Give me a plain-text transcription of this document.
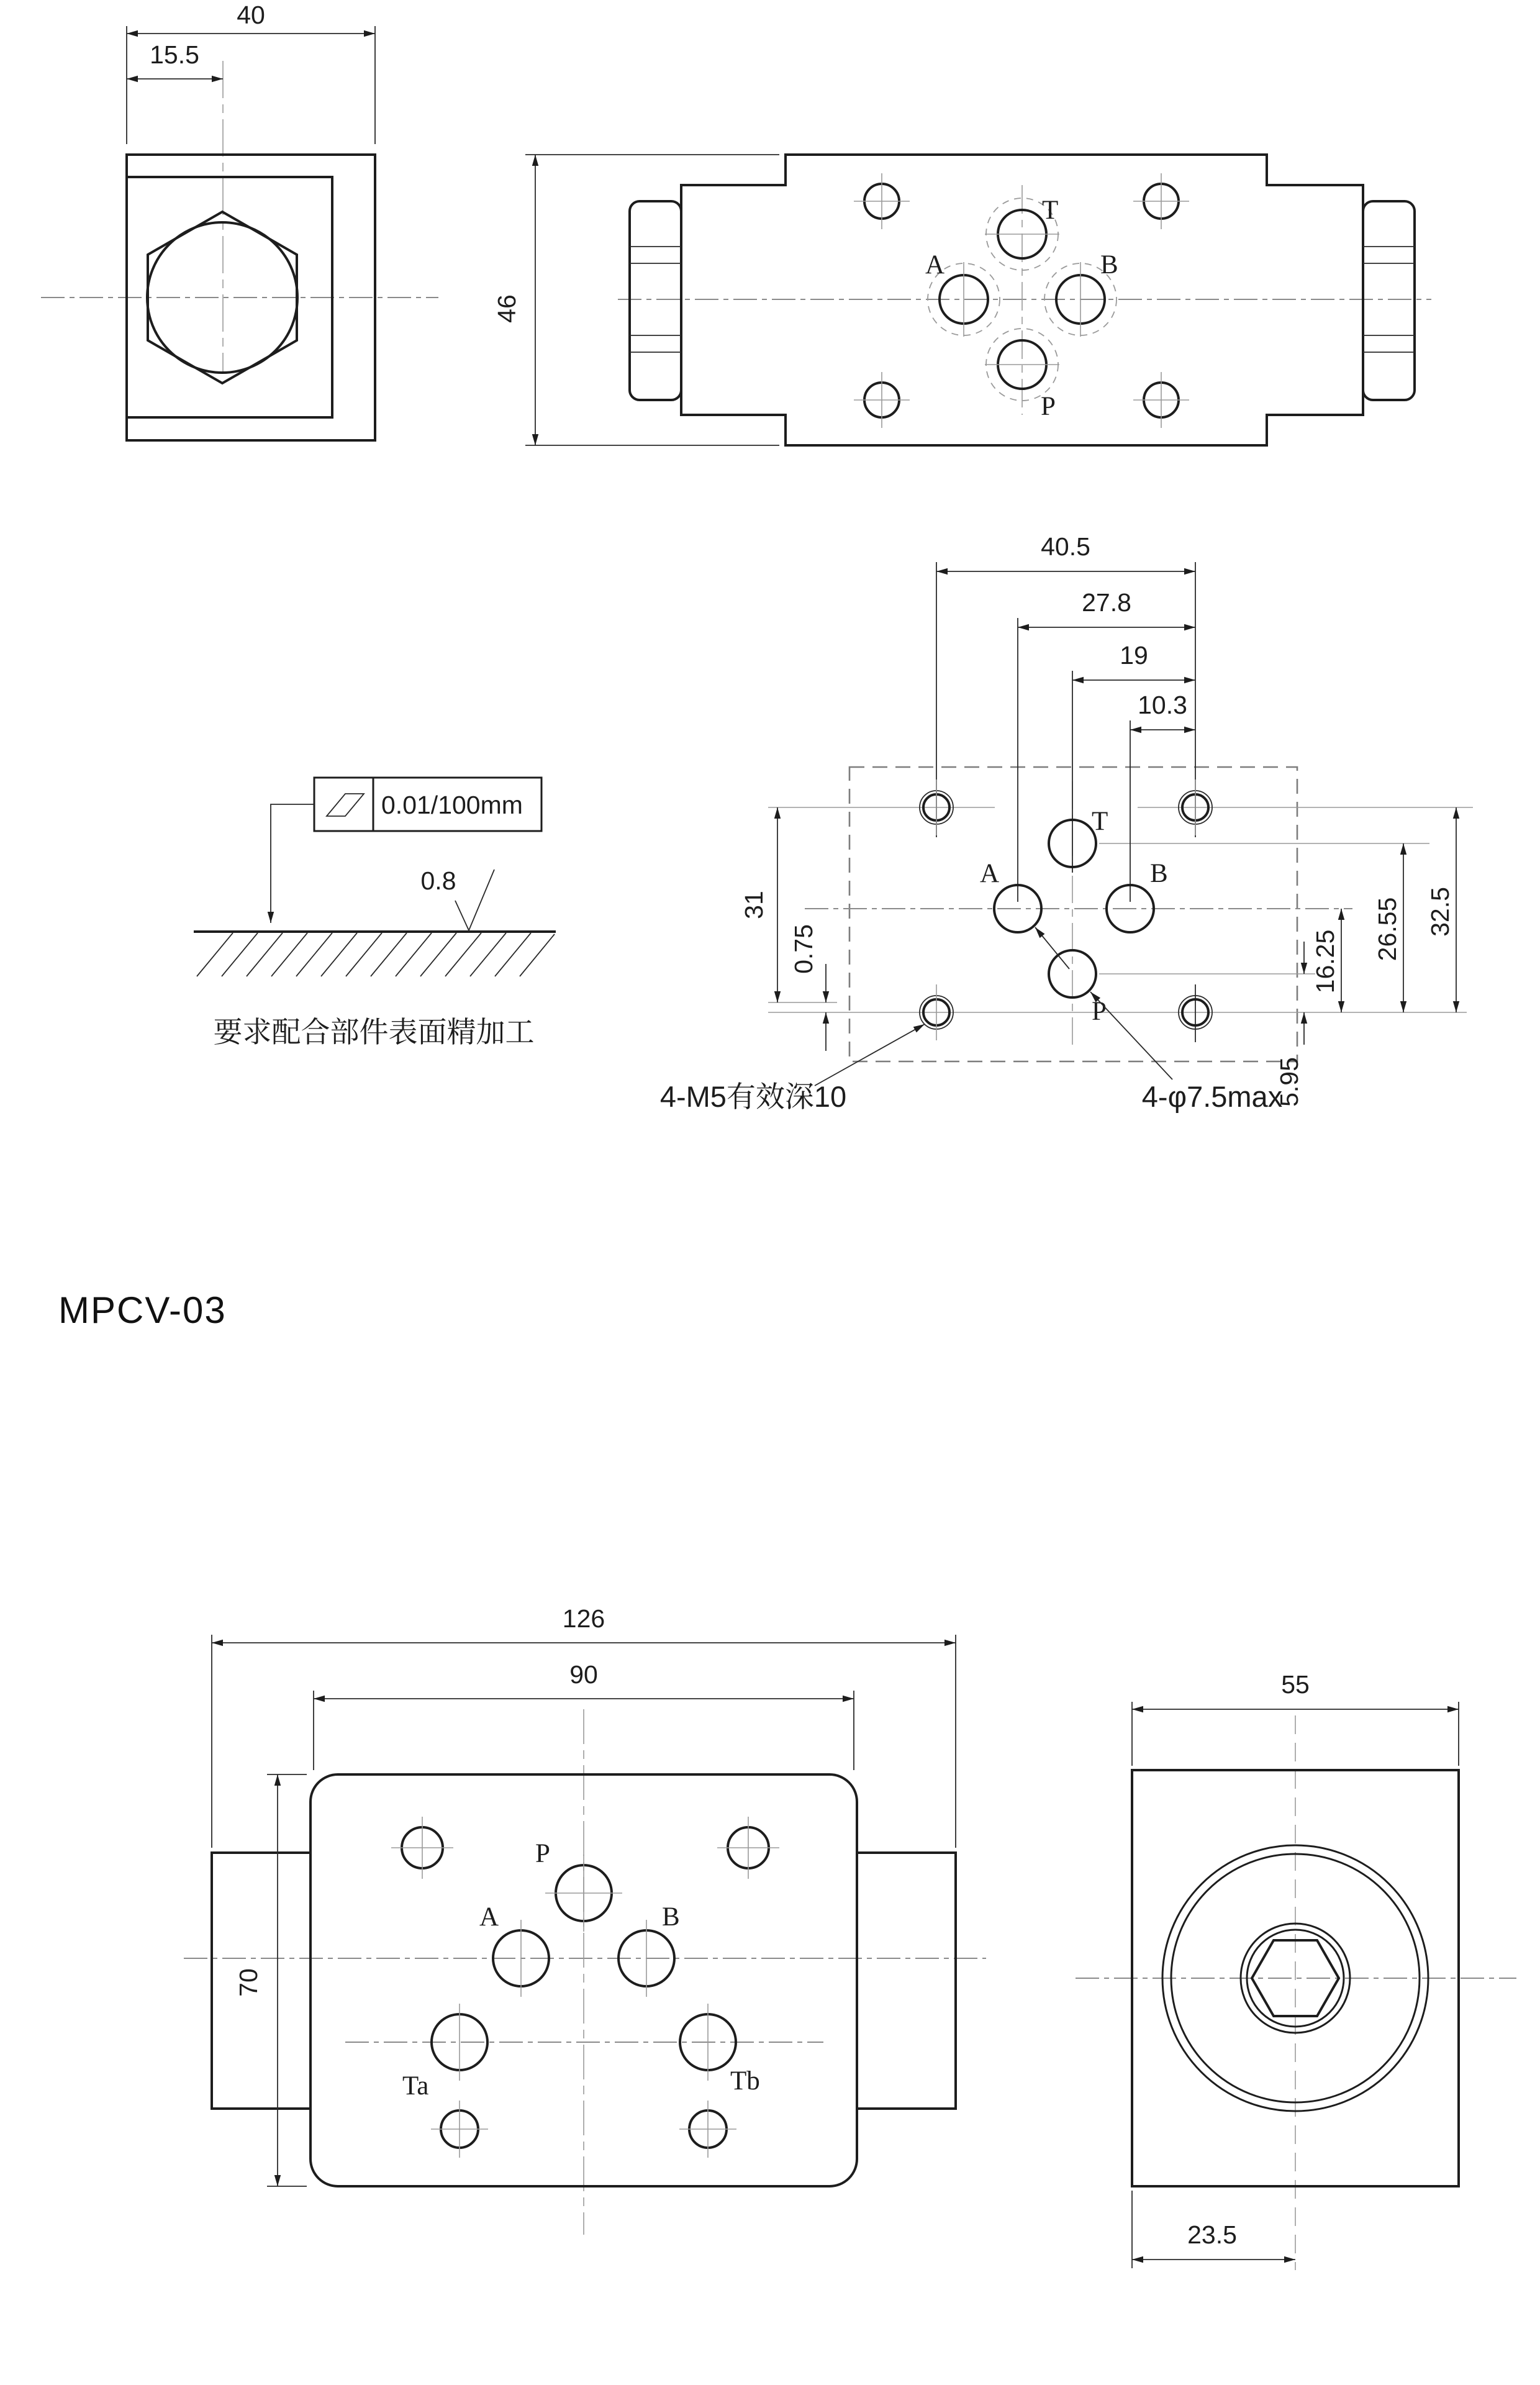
40
15.5
T
A	B
P
46
T
A	B
P
40.5
27.8
19
10.3
31
0.75
5.95
16.25
26.55 32.5
4-M5有效深10	4-φ7.5max
0.01/100mm
0.8
要求配合部件表面精加工
MPCV-03
P
A	B
Ta	Tb
126
90
70
55
23.5
